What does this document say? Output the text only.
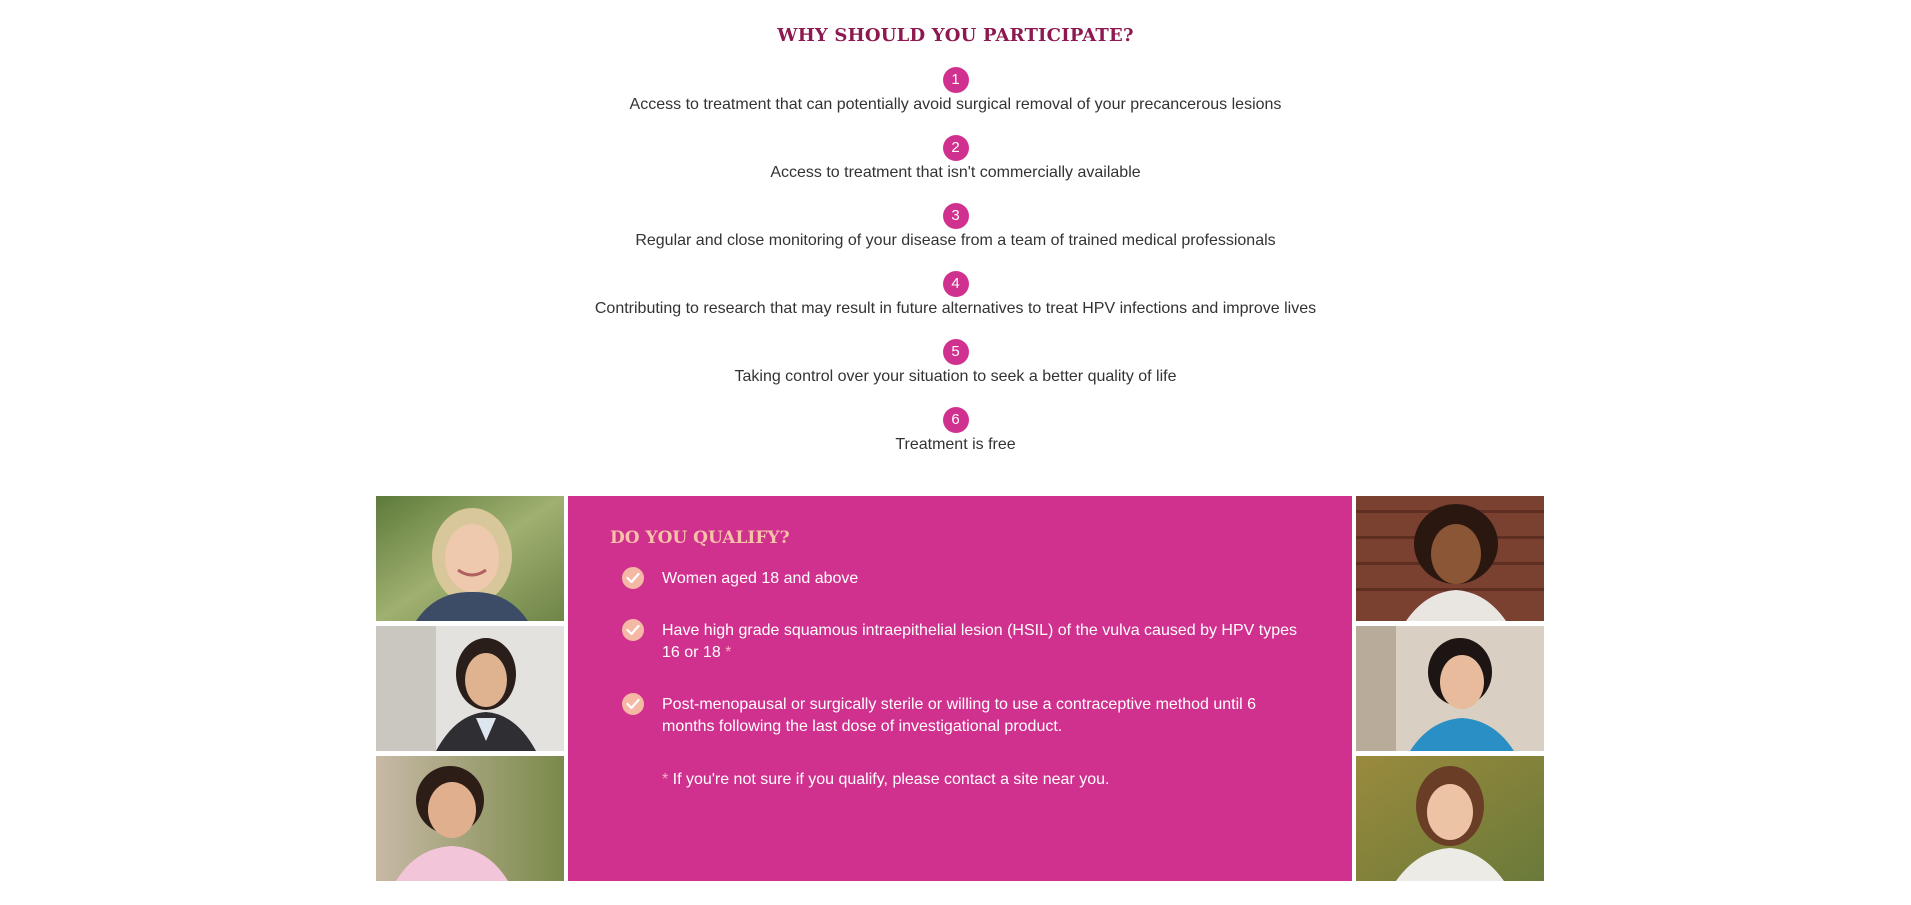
WHY SHOULD YOU PARTICIPATE?
1
Access to treatment that can potentially avoid surgical removal of your precancerous lesions
2
Access to treatment that isn't commercially available
3
Regular and close monitoring of your disease from a team of trained medical professionals
4
Contributing to research that may result in future alternatives to treat HPV infections and improve lives
5
Taking control over your situation to seek a better quality of life
6
Treatment is free
DO YOU QUALIFY?
Women aged 18 and above
Have high grade squamous intraepithelial lesion (HSIL) of the vulva caused by HPV types 16 or 18 *
Post-menopausal or surgically sterile or willing to use a contraceptive method until 6 months following the last dose of investigational product.

* If you're not sure if you qualify, please contact a site near you.
